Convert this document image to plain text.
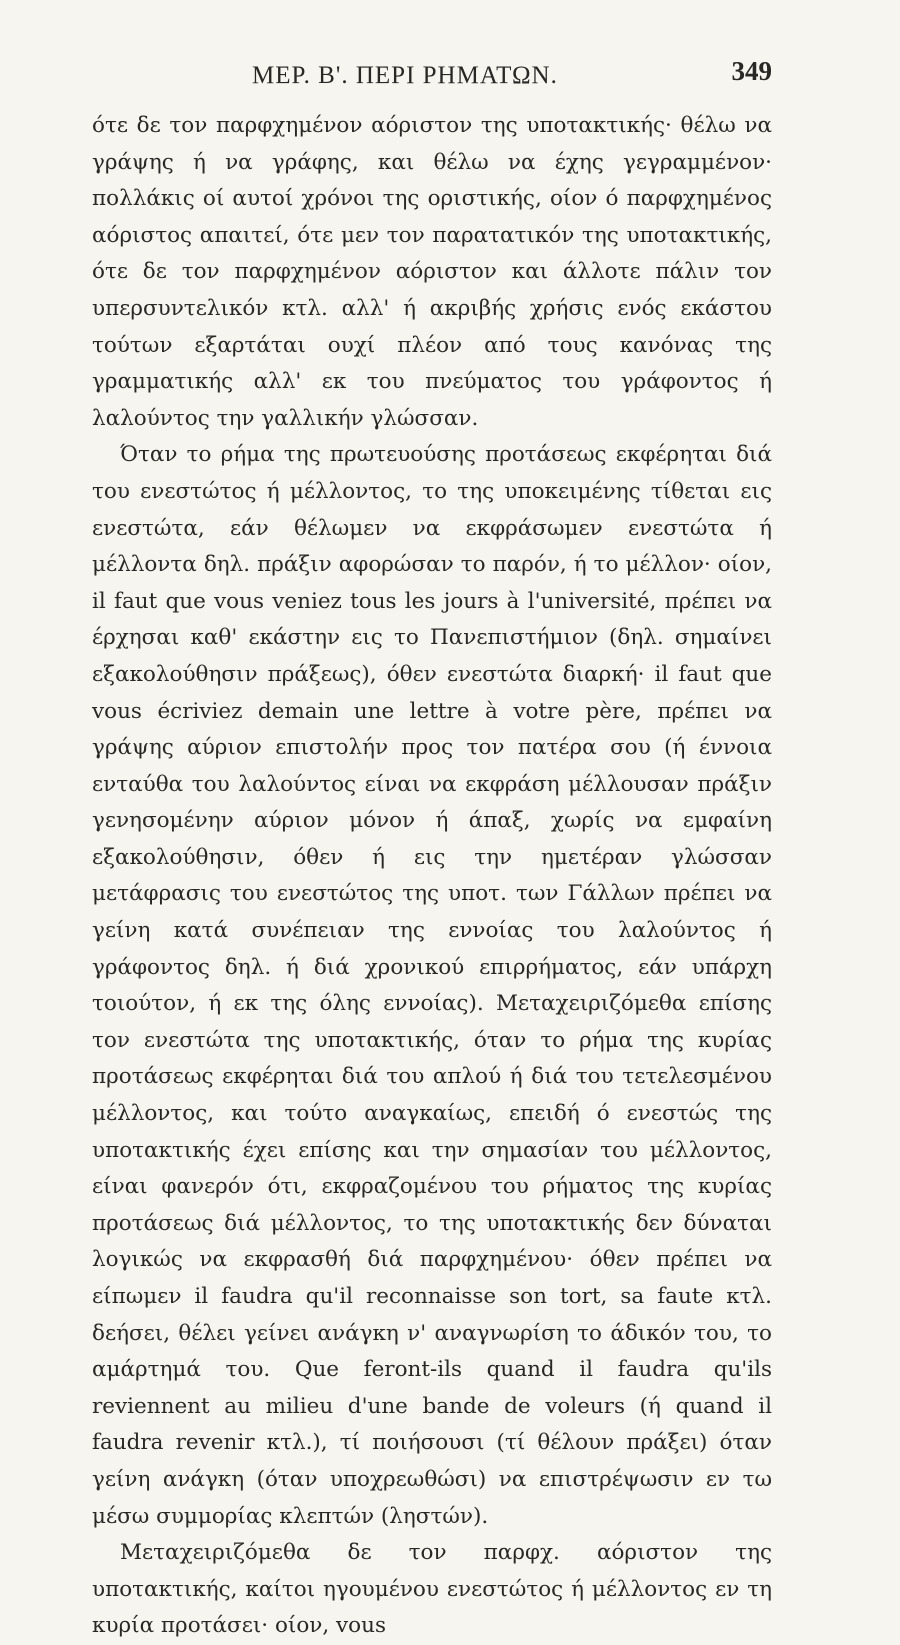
ΜΕΡ. Β'. ΠΕΡΙ ΡΗΜΑΤΩΝ.	349

ότε δε τον παρφχημένον αόριστον της υποτακτικής· θέλω να γράψης ή να γράφης, και θέλω να έχης γεγραμμένον· πολλάκις οί αυτοί χρόνοι της οριστικής, οίον ό παρφχημένος αόριστος απαιτεί, ότε μεν τον παρατατικόν της υποτακτικής, ότε δε τον παρφχημένον αόριστον και άλλοτε πάλιν τον υπερσυντελικόν κτλ. αλλ' ή ακριβής χρήσις ενός εκάστου τούτων εξαρτάται ουχί πλέον από τους κανόνας της γραμματικής αλλ' εκ του πνεύματος του γράφοντος ή λαλούντος την γαλλικήν γλώσσαν.

Όταν το ρήμα της πρωτευούσης προτάσεως εκφέρηται διά του ενεστώτος ή μέλλοντος, το της υποκειμένης τίθεται εις ενεστώτα, εάν θέλωμεν να εκφράσωμεν ενεστώτα ή μέλλοντα δηλ. πράξιν αφορώσαν το παρόν, ή το μέλλον· οίον, il faut que vous veniez tous les jours à l'université, πρέπει να έρχησαι καθ' εκάστην εις το Πανεπιστήμιον (δηλ. σημαίνει εξακολούθησιν πράξεως), όθεν ενεστώτα διαρκή· il faut que vous écriviez demain une lettre à votre père, πρέπει να γράψης αύριον επιστολήν προς τον πατέρα σου (ή έννοια ενταύθα του λαλούντος είναι να εκφράση μέλλουσαν πράξιν γενησομένην αύριον μόνον ή άπαξ, χωρίς να εμφαίνη εξακολούθησιν, όθεν ή εις την ημετέραν γλώσσαν μετάφρασις του ενεστώτος της υποτ. των Γάλλων πρέπει να γείνη κατά συνέπειαν της εννοίας του λαλούντος ή γράφοντος δηλ. ή διά χρονικού επιρρήματος, εάν υπάρχη τοιούτον, ή εκ της όλης εννοίας). Μεταχειριζόμεθα επίσης τον ενεστώτα της υποτακτικής, όταν το ρήμα της κυρίας προτάσεως εκφέρηται διά του απλού ή διά του τετελεσμένου μέλλοντος, και τούτο αναγκαίως, επειδή ό ενεστώς της υποτακτικής έχει επίσης και την σημασίαν του μέλλοντος, είναι φανερόν ότι, εκφραζομένου του ρήματος της κυρίας προτάσεως διά μέλλοντος, το της υποτακτικής δεν δύναται λογικώς να εκφρασθή διά παρφχημένου· όθεν πρέπει να είπωμεν il faudra qu'il reconnaisse son tort, sa faute κτλ. δεήσει, θέλει γείνει ανάγκη ν' αναγνωρίση το άδικόν του, το αμάρτημά του. Que feront-ils quand il faudra qu'ils reviennent au milieu d'une bande de voleurs (ή quand il faudra revenir κτλ.), τί ποιήσουσι (τί θέλουν πράξει) όταν γείνη ανάγκη (όταν υποχρεωθώσι) να επιστρέψωσιν εν τω μέσω συμμορίας κλεπτών (ληστών).

Μεταχειριζόμεθα δε τον παρφχ. αόριστον της υποτακτικής, καίτοι ηγουμένου ενεστώτος ή μέλλοντος εν τη κυρία προτάσει· οίον, vous
